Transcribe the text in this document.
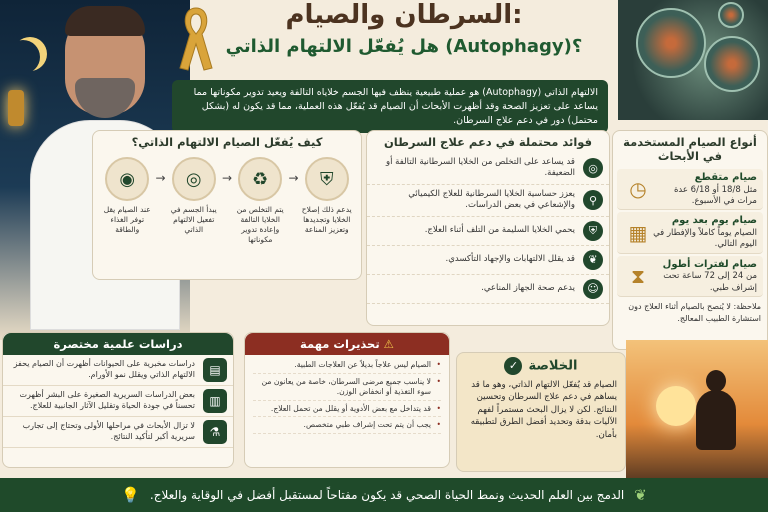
السرطان والصيام:
هل يُفعّل الالتهام الذاتي (Autophagy)؟
الالتهام الذاتي (Autophagy) هو عملية طبيعية ينظف فيها الجسم خلاياه التالفة ويعيد تدوير مكوناتها مما يساعد على تعزيز الصحة وقد أظهرت الأبحاث أن الصيام قد يُفعّل هذه العملية، مما قد يكون له (بشكل محتمل) دور في دعم علاج السرطان.
كيف يُفعّل الصيام الالتهام الذاتي؟
◉
عند الصيام يقل توفر الغذاء والطاقة
→	◎
يبدأ الجسم في تفعيل الالتهام الذاتي
→	♻
يتم التخلص من الخلايا التالفة وإعادة تدوير مكوناتها
→	⛨
يدعم ذلك إصلاح الخلايا وتجديدها وتعزيز المناعة
فوائد محتملة في دعم علاج السرطان
◎
قد يساعد على التخلص من الخلايا السرطانية التالفة أو الضعيفة.
⚲
يعزز حساسية الخلايا السرطانية للعلاج الكيميائي والإشعاعي في بعض الدراسات.
⛨
يحمي الخلايا السليمة من التلف أثناء العلاج.
❦
قد يقلل الالتهابات والإجهاد التأكسدي.
☺
يدعم صحة الجهاز المناعي.
أنواع الصيام المستخدمة في الأبحاث
صيام متقطع
مثل 18/8 أو 6/18 عدة مرات في الأسبوع.
◷
صيام يوم بعد يوم
الصيام يوماً كاملاً والإفطار في اليوم التالي.
▦
صيام لفترات أطول
من 24 إلى 72 ساعة تحت إشراف طبي.
⧗
ملاحظة: لا يُنصح بالصيام أثناء العلاج دون استشارة الطبيب المعالج.
دراسات علمية مختصرة
▤
دراسات مخبرية على الحيوانات أظهرت أن الصيام يحفز الالتهام الذاتي ويقلل نمو الأورام.
▥
بعض الدراسات السريرية الصغيرة على البشر أظهرت تحسناً في جودة الحياة وتقليل الآثار الجانبية للعلاج.
⚗
لا تزال الأبحاث في مراحلها الأولى وتحتاج إلى تجارب سريرية أكبر لتأكيد النتائج.
⚠ تحذيرات مهمة
• الصيام ليس علاجاً بديلاً عن العلاجات الطبية.
• لا يناسب جميع مرضى السرطان، خاصة من يعانون من سوء التغذية أو انخفاض الوزن.
• قد يتداخل مع بعض الأدوية أو يقلل من تحمل العلاج.
• يجب أن يتم تحت إشراف طبي متخصص.
الخلاصة✓
الصيام قد يُفعّل الالتهام الذاتي، وهو ما قد يساهم في دعم علاج السرطان وتحسين النتائج. لكن لا يزال البحث مستمراً لفهم الآليات بدقة وتحديد أفضل الطرق لتطبيقه بأمان.
❦
الدمج بين العلم الحديث ونمط الحياة الصحي قد يكون مفتاحاً لمستقبل أفضل في الوقاية والعلاج.
💡
